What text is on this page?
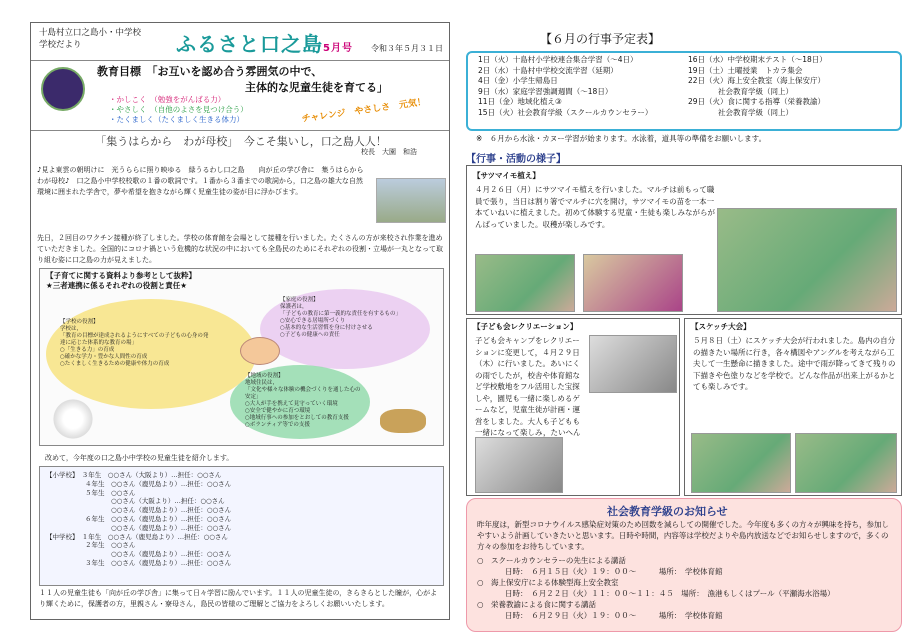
十島村立口之島小・中学校
学校だより	ふるさと口之島5月号 令和３年５月３１日
教育目標　 「お互いを認め合う雰囲気の中で、
主体的な児童生徒を育てる」
・かしこく　（勉強をがんばる力）
・やさしく　（自他のよさを見つけ合う）
・たくましく（たくましく生きる体力）	チャレンジ　やさしさ　元気！
「集うはらから　わが母校」　今こそ集いし，口之島人人！
校長　大園　和浩
♪見よ東雲の朝明けに　光うららに照り映ゆる　緑うるわし口之島　　向が丘の学び舎に　集うはらから　わが母校♪　口之島小中学校校歌の１番の歌詞です。１番から３番までの歌詞から，口之島の雄大な自然環境に囲まれた学舎で，夢や希望を抱きながら輝く児童生徒の姿が目に浮かびます。
先日，２回目のワクチン接種が終了しました。学校の体育館を会場として接種を行いました。たくさんの方が来校され作業を進めていただきました。全国的にコロナ禍という危機的な状況の中においても全島民のためにそれぞれの役割・立場が一丸となって取り組む姿に口之島の力が見えました。
【子育てに関する資料より参考として抜粋】
★三者連携に係るそれぞれの役割と責任★
【学校の役割】
学校は，
「教育の目標が達成されるようにすべての子どもの心身の発達に応じた体系的な教育の場」
○「生きる力」の育成
○確かな学力・豊かな人間性の育成
○たくましく生きるための健康や体力の育成
【家庭の役割】
保護者は，
「子どもの教育に第一義的な責任を有するもの」
○安心できる居場所づくり
○基本的な生活習慣を身に付けさせる
○子どもの健康への責任
【地域の役割】
地域住民は，
「文化や様々な体験の機会づくりを通した心の安定」
○大人が手を携えて見守っていく環境
○安全で健やかに育つ環境
○地域行事への参加をとおしての教育支援
○ボランティア等での支援
改めて，今年度の口之島小中学校の児童生徒を紹介します。
【小学校】　３年生　○○さん（大阪より）…担任：○○さん
　　　　　　４年生　○○さん（鹿児島より）…担任：○○さん
　　　　　　５年生　○○さん
　　　　　　　　　　○○さん（大阪より）…担任：○○さん
　　　　　　　　　　○○さん（鹿児島より）…担任：○○さん
　　　　　　６年生　○○さん（鹿児島より）…担任：○○さん
　　　　　　　　　　○○さん（鹿児島より）…担任：○○さん
【中学校】　１年生　○○さん（鹿児島より）…担任：○○さん
　　　　　　２年生　○○さん
　　　　　　　　　　○○さん（鹿児島より）…担任：○○さん
　　　　　　３年生　○○さん（鹿児島より）…担任：○○さん
１１人の児童生徒も「向が丘の学び舎」に集って日々学習に励んでいます。１１人の児童生徒の，きらきらとした瞳が，心がより輝くために，保護者の方，里親さん・寮母さん，島民の皆様のご理解とご協力をよろしくお願いいたします。
【６月の行事予定表】
1日（火）十島村小学校連合集合学習（〜4日）
2日（水）十島村中学校交流学習（延期）
4日（金）小学生帰島日
9日（水）家庭学習強調週間（〜18日）
11日（金）地域化植え③
15日（火）社会教育学級（スクールカウンセラー）
16日（水）中学校期末テスト（〜18日）
19日（土）土曜授業　トカラ集会
22日（火）海上安全教室（海上保安庁）
　　　　社会教育学級（同上）
29日（火）食に関する指導（栄養教諭）
　　　　社会教育学級（同上）
※　６月から水泳・カヌー学習が始まります。水泳着，道具等の準備をお願いします。
【行事・活動の様子】
【サツマイモ植え】
４月２６日（月）にサツマイモ植えを行いました。マルチは前もって職員で張り，当日は割り箸でマルチに穴を開け，サツマイモの苗を一本一本ていねいに植えました。初めて体験する児童・生徒も楽しみながらがんばっていました。収穫が楽しみです。
【子ども会レクリエーション】
子ども会キャンプをレクリエーションに変更して，４月２９日（木）に行いました。あいにくの雨でしたが，校舎や体育館など学校敷地をフル活用した宝探しや，園児も一緒に楽しめるゲームなど，児童生徒が計画・運営をしました。大人も子どもも一緒になって楽しみ，たいへん
【スケッチ大会】
５月８日（土）にスケッチ大会が行われました。島内の自分の描きたい場所に行き，各々構図やアングルを考えながら工夫して一生懸命に描きました。途中で雨が降ってきて残りの下描きや色塗りなどを学校で。どんな作品が出来上がるかとても楽しみです。
社会教育学級のお知らせ
昨年度は，新型コロナウイルス感染症対策のため回数を減らしての開催でした。今年度も多くの方々が興味を持ち，参加しやすいよう計画していきたいと思います。日時や時間，内容等は学校だよりや島内放送などでお知らせしますので，多くの方々の参加をお待ちしています。
○　スクールカウンセラーの先生による講話
日時：　６月１５日（火）１９：００〜　　　	場所：　学校体育館
○　海上保安庁による体験型海上安全教室
日時：　６月２２日（火）１１：００〜１１：４５　 場所：　漁港もしくはプール（平瀬海水浴場）
○　栄養教諭による食に関する講話
日時：　６月２９日（火）１９：００〜　　　	場所：　学校体育館
